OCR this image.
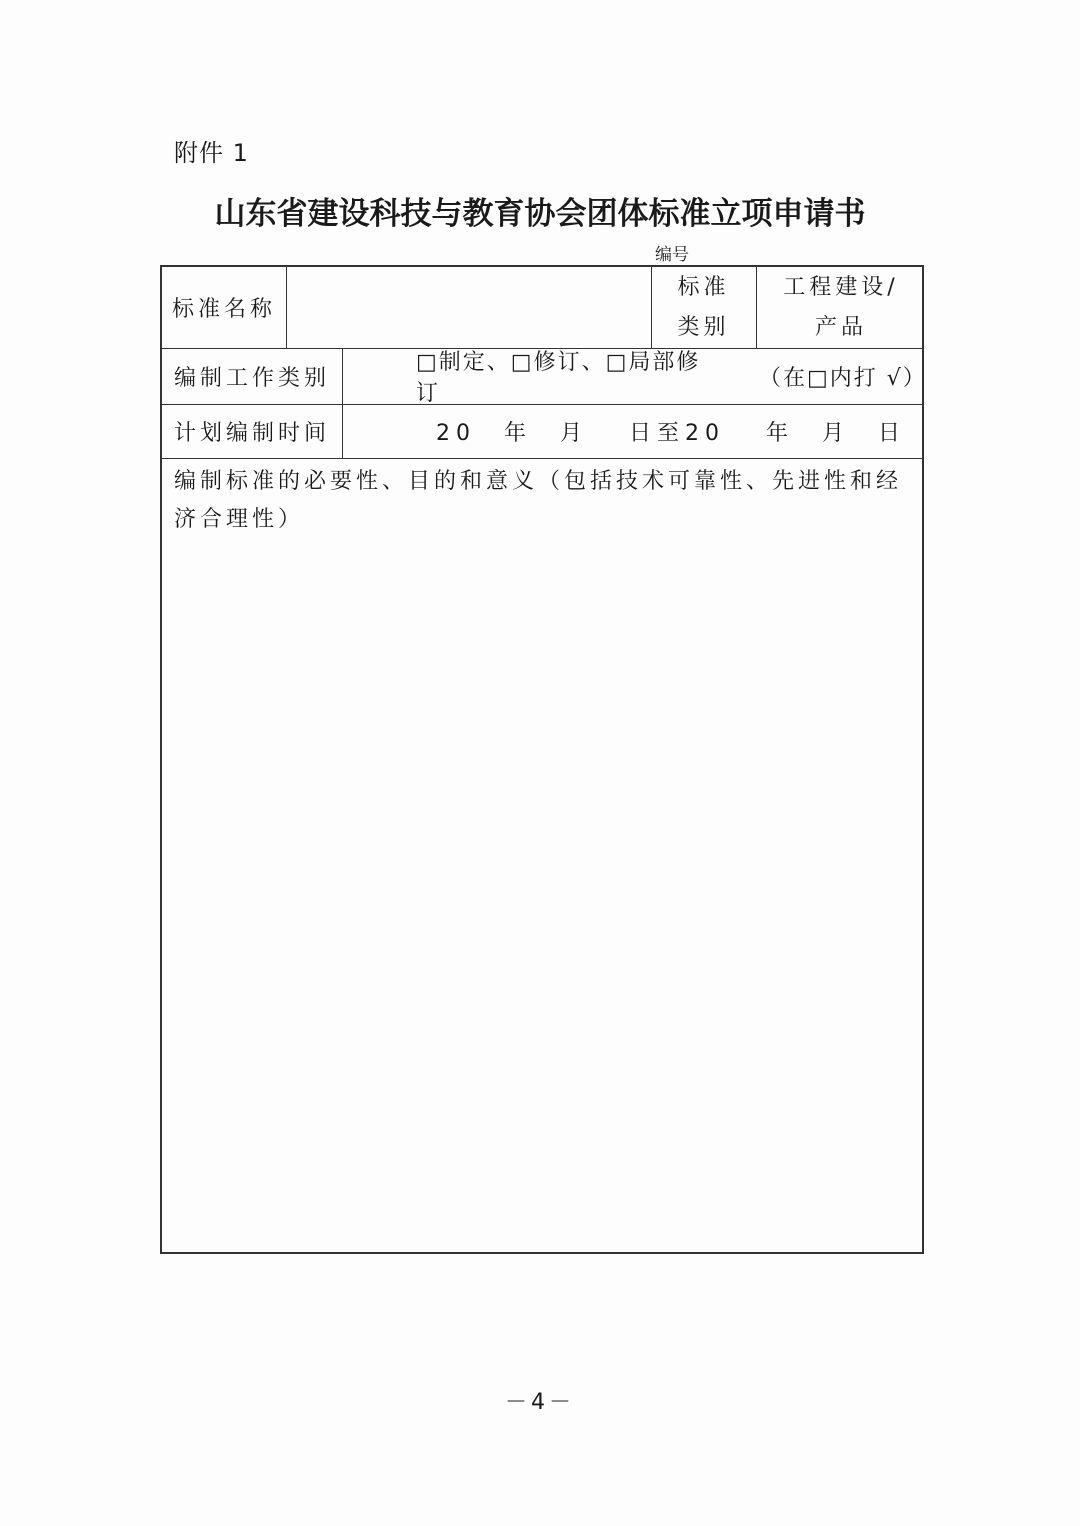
附件 1
山东省建设科技与教育协会团体标准立项申请书
编号
标准名称
标准
类别
工程建设/
产品
编制工作类别
□制定、□修订、□局部修订
（在□内打 √）
计划编制时间	20　年　月　 日至20　 年　月　日
编制标准的必要性、目的和意义（包括技术可靠性、先进性和经济合理性）
－4－
